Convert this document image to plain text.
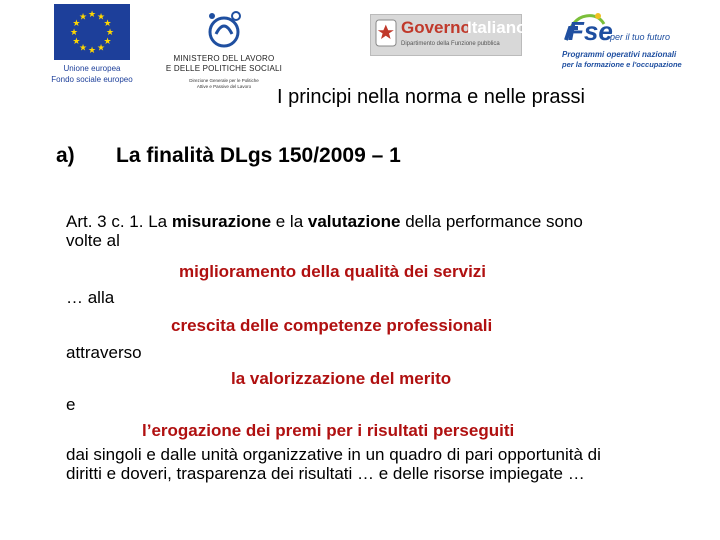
★
★
★
★
★
★
★
★
★ ★ ★
★
Unione europea
Fondo sociale europeo
MINISTERO DEL LAVORO
E DELLE POLITICHE SOCIALI
Direzione Generale per le Politiche
Attive e Passive del Lavoro
Governo
Italiano
Dipartimento della Funzione pubblica	Fse
per il tuo futuro
Programmi operativi nazionali
per la formazione e l'occupazione
I principi nella norma e nelle prassi
a) La finalità DLgs 150/2009 – 1
Art. 3 c. 1. La misurazione e la valutazione della performance sono
volte al
miglioramento della qualità dei servizi
… alla
crescita delle competenze professionali
attraverso
la valorizzazione del merito
e
l’erogazione dei premi per i risultati perseguiti
dai singoli e dalle unità organizzative in un quadro di pari opportunità di
diritti e doveri, trasparenza dei risultati … e delle risorse impiegate …
